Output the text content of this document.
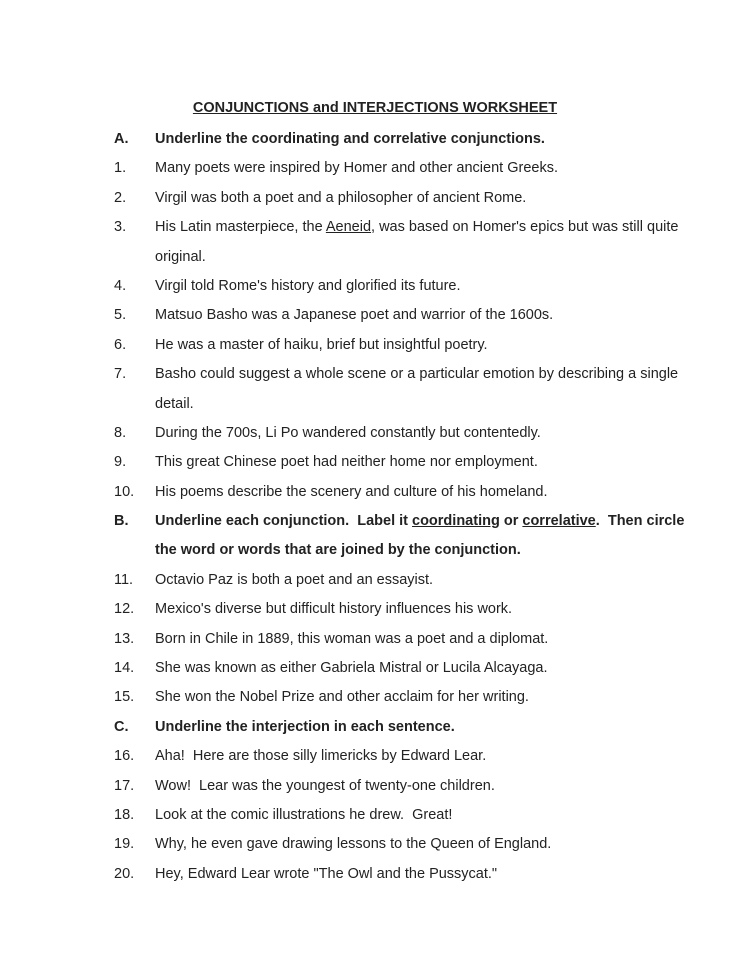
CONJUNCTIONS and INTERJECTIONS WORKSHEET
A. Underline the coordinating and correlative conjunctions.
1. Many poets were inspired by Homer and other ancient Greeks.
2. Virgil was both a poet and a philosopher of ancient Rome.
3. His Latin masterpiece, the Aeneid, was based on Homer's epics but was still quite
original.
4. Virgil told Rome's history and glorified its future.
5. Matsuo Basho was a Japanese poet and warrior of the 1600s.
6. He was a master of haiku, brief but insightful poetry.
7. Basho could suggest a whole scene or a particular emotion by describing a single
detail.
8. During the 700s, Li Po wandered constantly but contentedly.
9. This great Chinese poet had neither home nor employment.
10. His poems describe the scenery and culture of his homeland.
B. Underline each conjunction.  Label it coordinating or correlative.  Then circle
the word or words that are joined by the conjunction.
11. Octavio Paz is both a poet and an essayist.
12. Mexico's diverse but difficult history influences his work.
13. Born in Chile in 1889, this woman was a poet and a diplomat.
14. She was known as either Gabriela Mistral or Lucila Alcayaga.
15. She won the Nobel Prize and other acclaim for her writing.
C. Underline the interjection in each sentence.
16. Aha!  Here are those silly limericks by Edward Lear.
17. Wow!  Lear was the youngest of twenty-one children.
18. Look at the comic illustrations he drew.  Great!
19. Why, he even gave drawing lessons to the Queen of England.
20. Hey, Edward Lear wrote "The Owl and the Pussycat."
